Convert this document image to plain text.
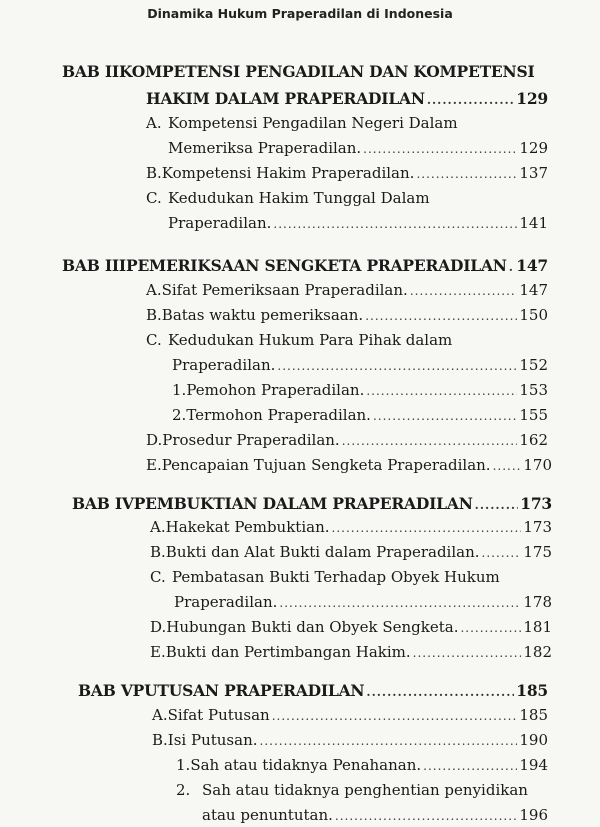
Dinamika Hukum Praperadilan di Indonesia
BAB II KOMPETENSI PENGADILAN DAN KOMPETENSI
HAKIM DALAM PRAPERADILAN .....	129
A. Kompetensi Pengadilan Negeri Dalam
Memeriksa Praperadilan. .....	129
B. Kompetensi Hakim Praperadilan. .....	137
C. Kedudukan Hakim Tunggal Dalam
Praperadilan. .....	141
BAB III PEMERIKSAAN SENGKETA PRAPERADILAN ..... 147
A. Sifat Pemeriksaan Praperadilan. .....	147
B. Batas waktu pemeriksaan. .....	150
C. Kedudukan Hukum Para Pihak dalam
Praperadilan. .....	152
1. Pemohon Praperadilan. .....	153
2. Termohon Praperadilan. .....	155
D. Prosedur Praperadilan. .....	162
E. Pencapaian Tujuan Sengketa Praperadilan. ..... 170
BAB IV PEMBUKTIAN DALAM PRAPERADILAN .....	173
A. Hakekat Pembuktian. .....	173
B. Bukti dan Alat Bukti dalam Praperadilan. .....	175
C. Pembatasan Bukti Terhadap Obyek Hukum
Praperadilan. .....	178
D. Hubungan Bukti dan Obyek Sengketa. .....	181
E. Bukti dan Pertimbangan Hakim. .....	182
BAB V PUTUSAN PRAPERADILAN .....	185
A. Sifat Putusan .....	185
B. Isi Putusan. .....	190
1. Sah atau tidaknya Penahanan. .....	194
2. Sah atau tidaknya penghentian penyidikan
atau penuntutan. .....	196
